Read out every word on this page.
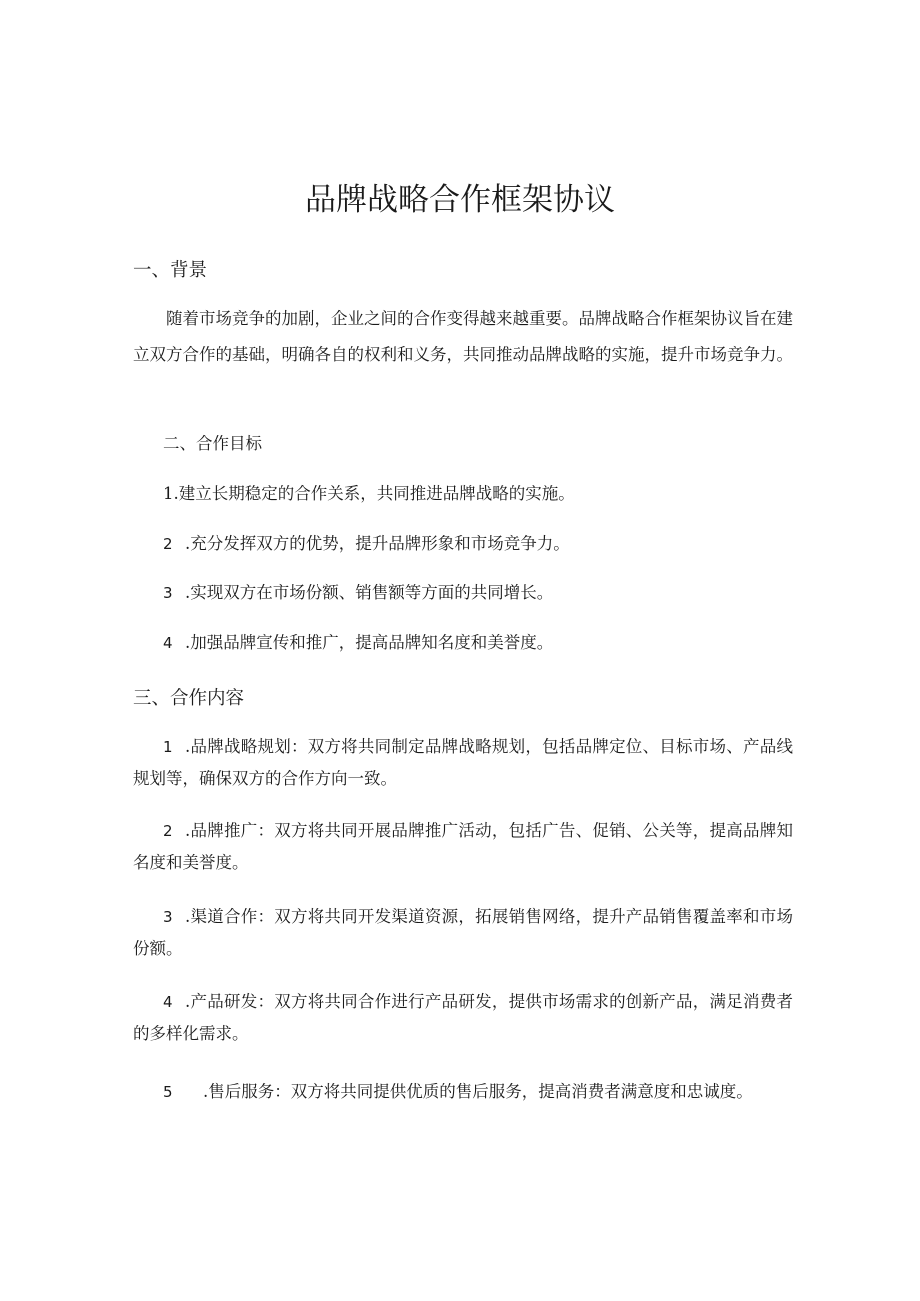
品牌战略合作框架协议
一、背景
随着市场竞争的加剧，企业之间的合作变得越来越重要。品牌战略合作框架协议旨在建立双方合作的基础，明确各自的权利和义务，共同推动品牌战略的实施，提升市场竞争力。
二、合作目标
1.建立长期稳定的合作关系，共同推进品牌战略的实施。
2 .充分发挥双方的优势，提升品牌形象和市场竞争力。
3 .实现双方在市场份额、销售额等方面的共同增长。
4 .加强品牌宣传和推广，提高品牌知名度和美誉度。
三、合作内容
1 .品牌战略规划：双方将共同制定品牌战略规划，包括品牌定位、目标市场、产品线规划等，确保双方的合作方向一致。
2 .品牌推广：双方将共同开展品牌推广活动，包括广告、促销、公关等，提高品牌知名度和美誉度。
3 .渠道合作：双方将共同开发渠道资源，拓展销售网络，提升产品销售覆盖率和市场份额。
4 .产品研发：双方将共同合作进行产品研发，提供市场需求的创新产品，满足消费者的多样化需求。
5 .售后服务：双方将共同提供优质的售后服务，提高消费者满意度和忠诚度。
